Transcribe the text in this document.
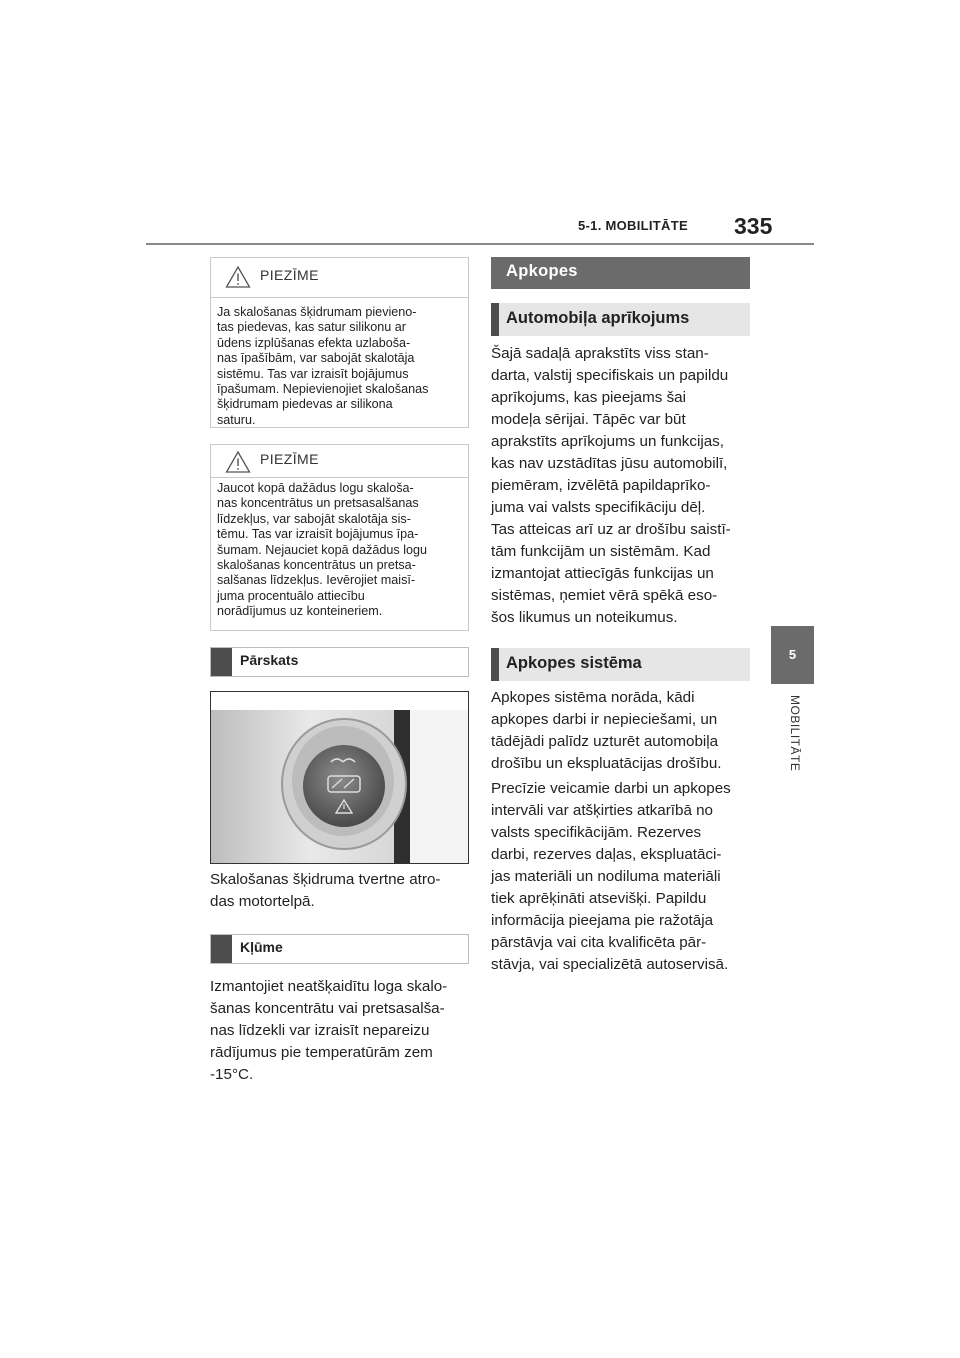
5-1. MOBILITĀTE 335
5
MOBILITĀTE
PIEZĪME
Ja skalošanas šķidrumam pievieno-
tas piedevas, kas satur silikonu ar
ūdens izplūšanas efekta uzlaboša-
nas īpašībām, var sabojāt skalotāja
sistēmu. Tas var izraisīt bojājumus
īpašumam. Nepievienojiet skalošanas
šķidrumam piedevas ar silikona
saturu.
PIEZĪME
Jaucot kopā dažādus logu skaloša-
nas koncentrātus un pretsasalšanas
līdzekļus, var sabojāt skalotāja sis-
tēmu. Tas var izraisīt bojājumus īpa-
šumam. Nejauciet kopā dažādus logu
skalošanas koncentrātus un pretsa-
salšanas līdzekļus. Ievērojiet maisī-
juma procentuālo attiecību
norādījumus uz konteineriem.
Pārskats
Skalošanas šķidruma tvertne atro-
das motortelpā.
Kļūme
Izmantojiet neatšķaidītu loga skalo-
šanas koncentrātu vai pretsasalša-
nas līdzekli var izraisīt nepareizu
rādījumus pie temperatūrām zem
-15°C.
Apkopes
Automobiļa aprīkojums
Šajā sadaļā aprakstīts viss stan-
darta, valstij specifiskais un papildu
aprīkojums, kas pieejams šai
modeļa sērijai. Tāpēc var būt
aprakstīts aprīkojums un funkcijas,
kas nav uzstādītas jūsu automobilī,
piemēram, izvēlētā papildaprīko-
juma vai valsts specifikāciju dēļ.
Tas atteicas arī uz ar drošību saistī-
tām funkcijām un sistēmām. Kad
izmantojat attiecīgās funkcijas un
sistēmas, ņemiet vērā spēkā eso-
šos likumus un noteikumus.
Apkopes sistēma
Apkopes sistēma norāda, kādi
apkopes darbi ir nepieciešami, un
tādējādi palīdz uzturēt automobiļa
drošību un ekspluatācijas drošību.
Precīzie veicamie darbi un apkopes
intervāli var atšķirties atkarībā no
valsts specifikācijām. Rezerves
darbi, rezerves daļas, ekspluatāci-
jas materiāli un nodiluma materiāli
tiek aprēķināti atsevišķi. Papildu
informācija pieejama pie ražotāja
pārstāvja vai cita kvalificēta pār-
stāvja, vai specializētā autoservisā.
